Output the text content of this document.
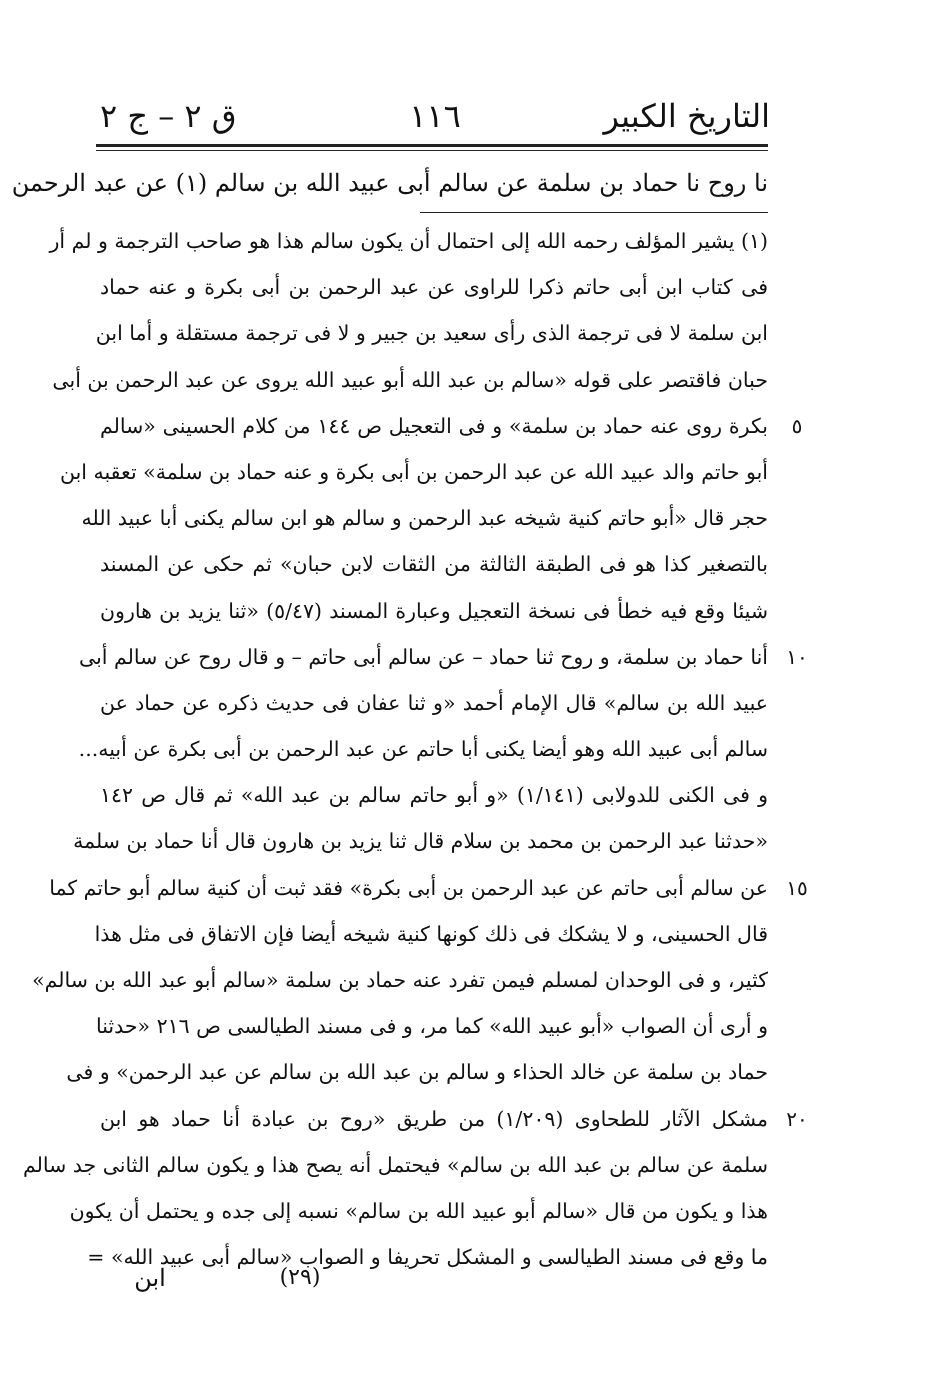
التاريخ الكبير
١١٦
ق ٢ – ج ٢
نا روح نا حماد بن سلمة عن سالم أبى عبيد الله بن سالم (١) عن عبد الرحمن
(١) يشير المؤلف رحمه الله إلى احتمال أن يكون سالم هذا هو صاحب الترجمة و لم أر
فى كتاب ابن أبى حاتم ذكرا للراوى عن عبد الرحمن بن أبى بكرة و عنه حماد
ابن سلمة لا فى ترجمة الذى رأى سعيد بن جبير و لا فى ترجمة مستقلة و أما ابن
حبان فاقتصر على قوله «سالم بن عبد الله أبو عبيد الله يروى عن عبد الرحمن بن أبى
بكرة روى عنه حماد بن سلمة» و فى التعجيل ص ١٤٤ من كلام الحسينى «سالم
أبو حاتم والد عبيد الله عن عبد الرحمن بن أبى بكرة و عنه حماد بن سلمة» تعقبه ابن
حجر قال «أبو حاتم كنية شيخه عبد الرحمن و سالم هو ابن سالم يكنى أبا عبيد الله
بالتصغير كذا هو فى الطبقة الثالثة من الثقات لابن حبان» ثم حكى عن المسند
شيئا وقع فيه خطأ فى نسخة التعجيل وعبارة المسند (٥/٤٧) «ثنا يزيد بن هارون
أنا حماد بن سلمة، و روح ثنا حماد – عن سالم أبى حاتم – و قال روح عن سالم أبى
عبيد الله بن سالم» قال الإمام أحمد «و ثنا عفان فى حديث ذكره عن حماد عن
سالم أبى عبيد الله وهو أيضا يكنى أبا حاتم عن عبد الرحمن بن أبى بكرة عن أبيه...
و فى الكنى للدولابى (١/١٤١) «و أبو حاتم سالم بن عبد الله» ثم قال ص ١٤٢
«حدثنا عبد الرحمن بن محمد بن سلام قال ثنا يزيد بن هارون قال أنا حماد بن سلمة
عن سالم أبى حاتم عن عبد الرحمن بن أبى بكرة» فقد ثبت أن كنية سالم أبو حاتم كما
قال الحسينى، و لا يشكك فى ذلك كونها كنية شيخه أيضا فإن الاتفاق فى مثل هذا
كثير، و فى الوحدان لمسلم فيمن تفرد عنه حماد بن سلمة «سالم أبو عبد الله بن سالم»
و أرى أن الصواب «أبو عبيد الله» كما مر، و فى مسند الطيالسى ص ٢١٦ «حدثنا
حماد بن سلمة عن خالد الحذاء و سالم بن عبد الله بن سالم عن عبد الرحمن» و فى
مشكل الآثار للطحاوى (١/٢٠٩) من طريق «روح بن عبادة أنا حماد هو ابن
سلمة عن سالم بن عبد الله بن سالم» فيحتمل أنه يصح هذا و يكون سالم الثانى جد سالم
هذا و يكون من قال «سالم أبو عبيد الله بن سالم» نسبه إلى جده و يحتمل أن يكون
ما وقع فى مسند الطيالسى و المشكل تحريفا و الصواب «سالم أبى عبيد الله» =
٥
١٠
١٥
٢٠
(٢٩)
ابن
